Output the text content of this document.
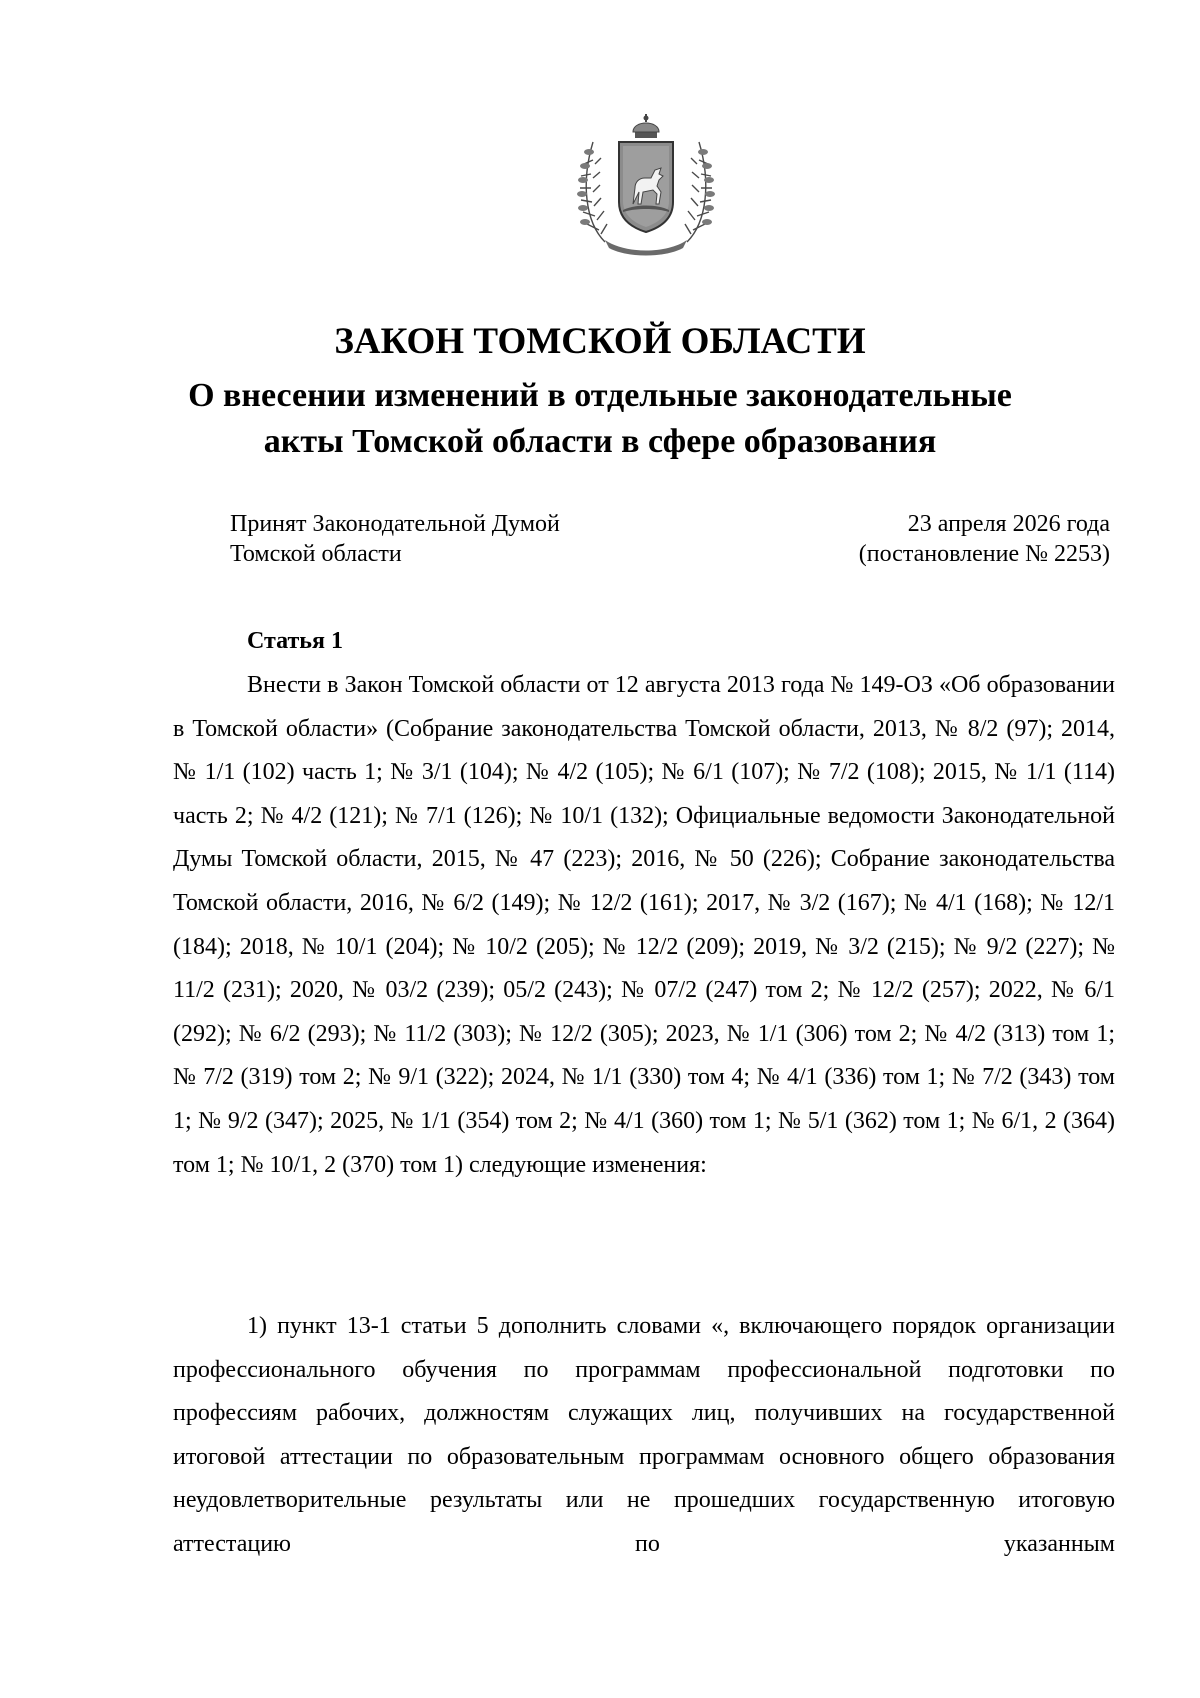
ЗАКОН ТОМСКОЙ ОБЛАСТИ
О внесении изменений в отдельные законодательные
акты Томской области в сфере образования
Принят Законодательной Думой
Томской области
23 апреля 2026 года
(постановление № 2253)
Статья 1

Внести в Закон Томской области от 12 августа 2013 года № 149-ОЗ «Об образовании в Томской области» (Собрание законодательства Томской области, 2013, № 8/2 (97); 2014, № 1/1 (102) часть 1; № 3/1 (104); № 4/2 (105); № 6/1 (107); № 7/2 (108); 2015, № 1/1 (114) часть 2; № 4/2 (121); № 7/1 (126); № 10/1 (132); Официальные ведомости Законодательной Думы Томской области, 2015, № 47 (223); 2016, № 50 (226); Собрание законодательства Томской области, 2016, № 6/2 (149); № 12/2 (161); 2017, № 3/2 (167); № 4/1 (168); № 12/1 (184); 2018, № 10/1 (204); № 10/2 (205); № 12/2 (209); 2019, № 3/2 (215); № 9/2 (227); № 11/2 (231); 2020, № 03/2 (239); 05/2 (243); № 07/2 (247) том 2; № 12/2 (257); 2022, № 6/1 (292); № 6/2 (293); № 11/2 (303); № 12/2 (305); 2023, № 1/1 (306) том 2; № 4/2 (313) том 1; № 7/2 (319) том 2; № 9/1 (322); 2024, № 1/1 (330) том 4; № 4/1 (336) том 1; № 7/2 (343) том 1; № 9/2 (347); 2025, № 1/1 (354) том 2; № 4/1 (360) том 1; № 5/1 (362) том 1; № 6/1, 2 (364) том 1; № 10/1, 2 (370) том 1) следующие изменения:

1) пункт 13-1 статьи 5 дополнить словами «, включающего порядок организации профессионального обучения по программам профессиональной подготовки по профессиям рабочих, должностям служащих лиц, получивших на государственной итоговой аттестации по образовательным программам основного общего образования неудовлетворительные результаты или не прошедших государственную итоговую аттестацию по указанным
